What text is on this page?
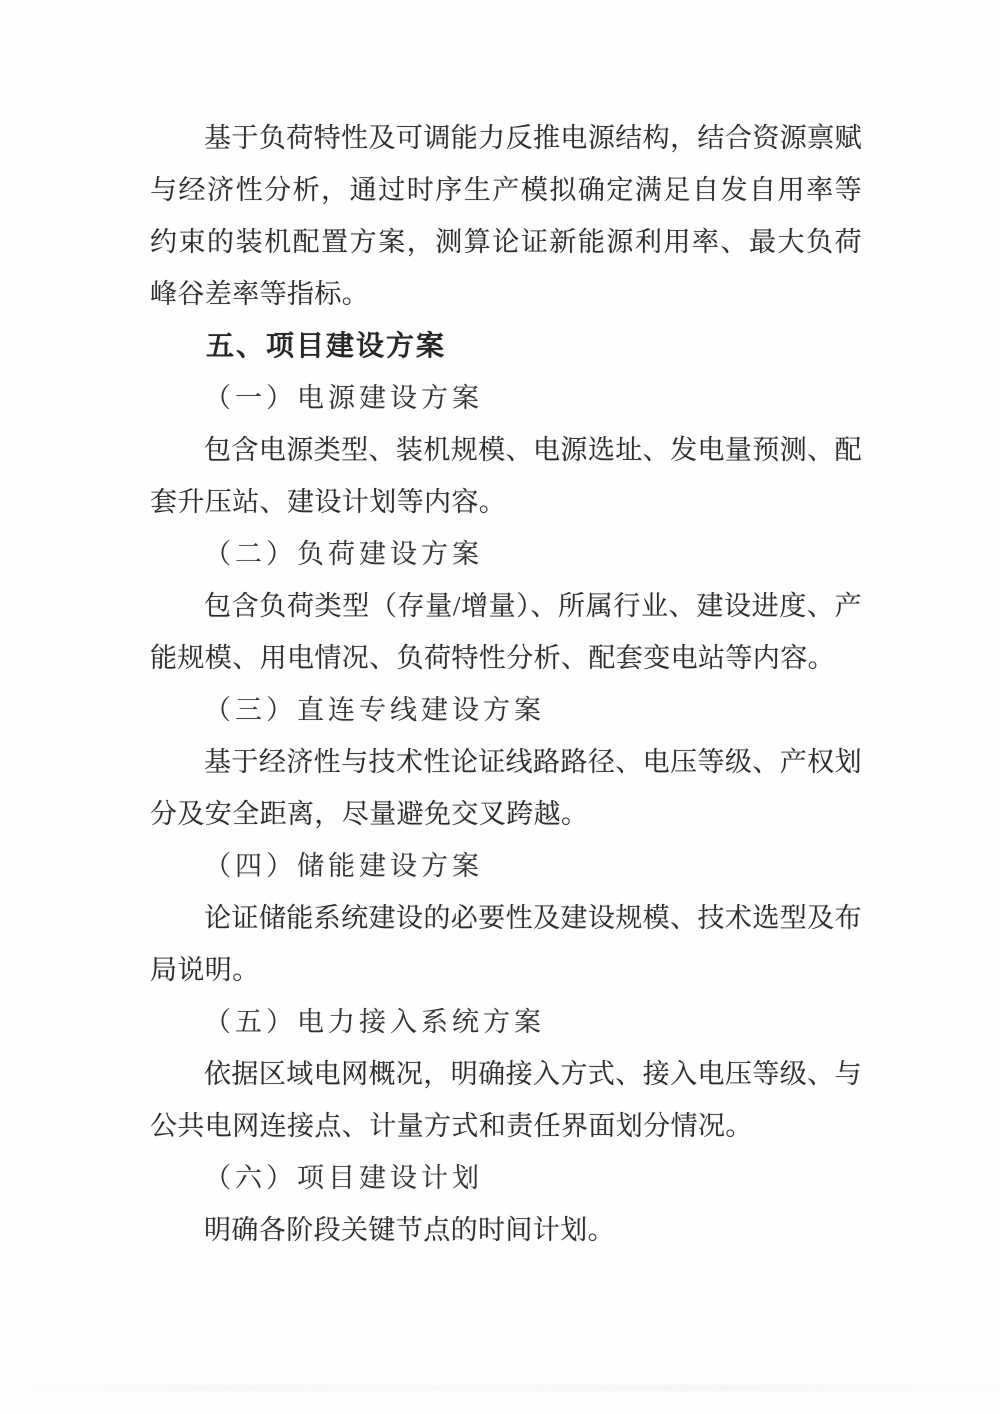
基于负荷特性及可调能力反推电源结构，结合资源禀赋与经济性分析，通过时序生产模拟确定满足自发自用率等约束的装机配置方案，测算论证新能源利用率、最大负荷峰谷差率等指标。

五、项目建设方案

（一）电源建设方案

包含电源类型、装机规模、电源选址、发电量预测、配套升压站、建设计划等内容。

（二）负荷建设方案

包含负荷类型（存量/增量）、所属行业、建设进度、产能规模、用电情况、负荷特性分析、配套变电站等内容。

（三）直连专线建设方案

基于经济性与技术性论证线路路径、电压等级、产权划分及安全距离，尽量避免交叉跨越。

（四）储能建设方案

论证储能系统建设的必要性及建设规模、技术选型及布局说明。

（五）电力接入系统方案

依据区域电网概况，明确接入方式、接入电压等级、与公共电网连接点、计量方式和责任界面划分情况。

（六）项目建设计划

明确各阶段关键节点的时间计划。
